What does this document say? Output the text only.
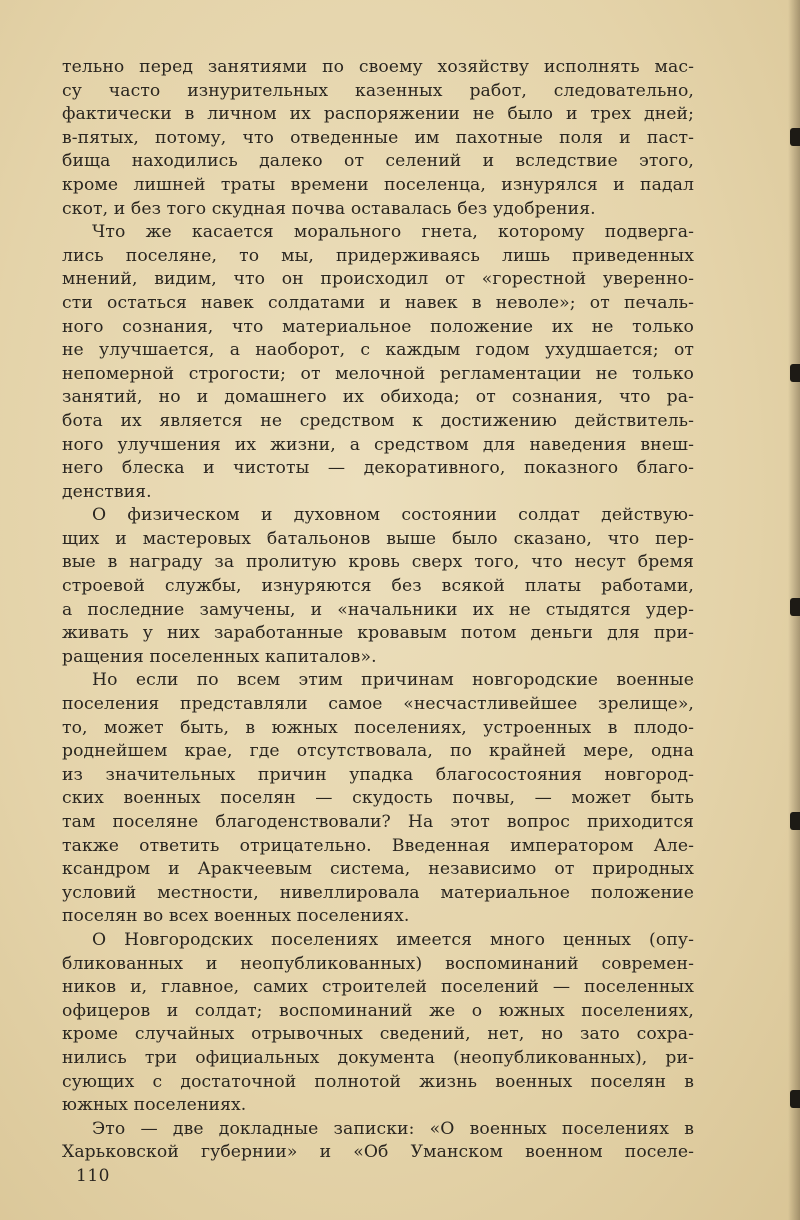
тельно перед занятиями по своему хозяйству исполнять мас-
су часто изнурительных казенных работ, следовательно,
фактически в личном их распоряжении не было и трех дней;
в-пятых, потому, что отведенные им пахотные поля и паст-
бища находились далеко от селений и вследствие этого,
кроме лишней траты времени поселенца, изнурялся и падал
скот, и без того скудная почва оставалась без удобрения.
Что же касается морального гнета, которому подверга-
лись поселяне, то мы, придерживаясь лишь приведенных
мнений, видим, что он происходил от «горестной уверенно-
сти остаться навек солдатами и навек в неволе»; от печаль-
ного сознания, что материальное положение их не только
не улучшается, а наоборот, с каждым годом ухудшается; от
непомерной строгости; от мелочной регламентации не только
занятий, но и домашнего их обихода; от сознания, что ра-
бота их является не средством к достижению действитель-
ного улучшения их жизни, а средством для наведения внеш-
него блеска и чистоты — декоративного, показного благо-
денствия.
О физическом и духовном состоянии солдат действую-
щих и мастеровых батальонов выше было сказано, что пер-
вые в награду за пролитую кровь сверх того, что несут бремя
строевой службы, изнуряются без всякой платы работами,
а последние замучены, и «начальники их не стыдятся удер-
живать у них заработанные кровавым потом деньги для при-
ращения поселенных капиталов».
Но если по всем этим причинам новгородские военные
поселения представляли самое «несчастливейшее зрелище»,
то, может быть, в южных поселениях, устроенных в плодо-
роднейшем крае, где отсутствовала, по крайней мере, одна
из значительных причин упадка благосостояния новгород-
ских военных поселян — скудость почвы, — может быть
там поселяне благоденствовали? На этот вопрос приходится
также ответить отрицательно. Введенная императором Але-
ксандром и Аракчеевым система, независимо от природных
условий местности, нивеллировала материальное положение
поселян во всех военных поселениях.
О Новгородских поселениях имеется много ценных (опу-
бликованных и неопубликованных) воспоминаний современ-
ников и, главное, самих строителей поселений — поселенных
офицеров и солдат; воспоминаний же о южных поселениях,
кроме случайных отрывочных сведений, нет, но зато сохра-
нились три официальных документа (неопубликованных), ри-
сующих с достаточной полнотой жизнь военных поселян в
южных поселениях.
Это — две докладные записки: «О военных поселениях в
Харьковской губернии» и «Об Уманском военном поселе-
110
